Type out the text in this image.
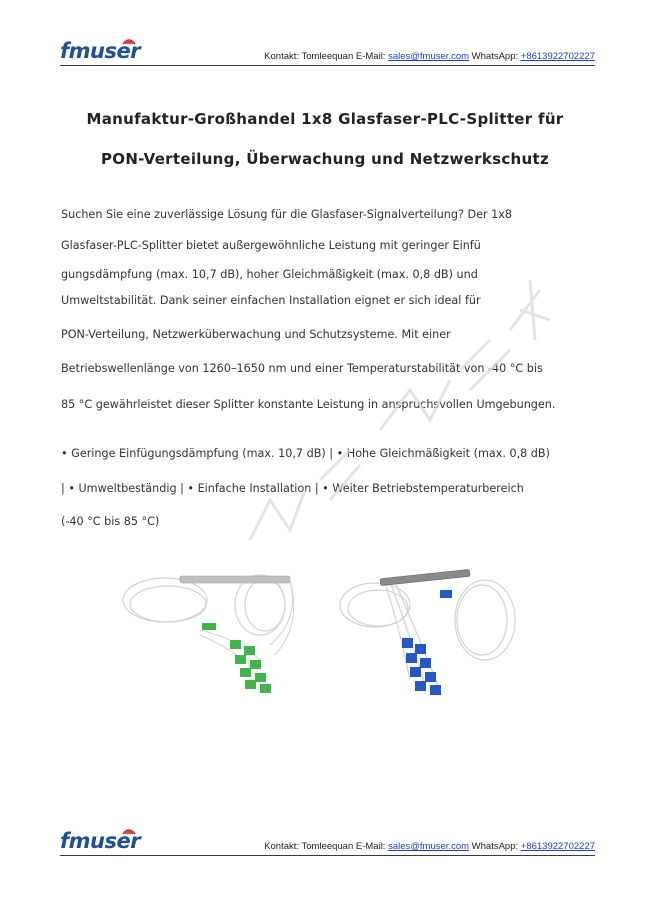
fmuser	Kontakt: Tomleequan E-Mail: sales@fmuser.com WhatsApp: +8613922702227
Manufaktur-Großhandel 1x8 Glasfaser-PLC-Splitter für
PON-Verteilung, Überwachung und Netzwerkschutz
Suchen Sie eine zuverlässige Lösung für die Glasfaser-Signalverteilung? Der 1x8
Glasfaser-PLC-Splitter bietet außergewöhnliche Leistung mit geringer Einfü
gungsdämpfung (max. 10,7 dB), hoher Gleichmäßigkeit (max. 0,8 dB) und
Umweltstabilität. Dank seiner einfachen Installation eignet er sich ideal für
PON-Verteilung, Netzwerküberwachung und Schutzsysteme. Mit einer
Betriebswellenlänge von 1260–1650 nm und einer Temperaturstabilität von -40 °C bis
85 °C gewährleistet dieser Splitter konstante Leistung in anspruchsvollen Umgebungen.
• Geringe Einfügungsdämpfung (max. 10,7 dB) | • Hohe Gleichmäßigkeit (max. 0,8 dB)
| • Umweltbeständig | • Einfache Installation | • Weiter Betriebstemperaturbereich
(-40 °C bis 85 °C)
fmuser	Kontakt: Tomleequan E-Mail: sales@fmuser.com WhatsApp: +8613922702227
